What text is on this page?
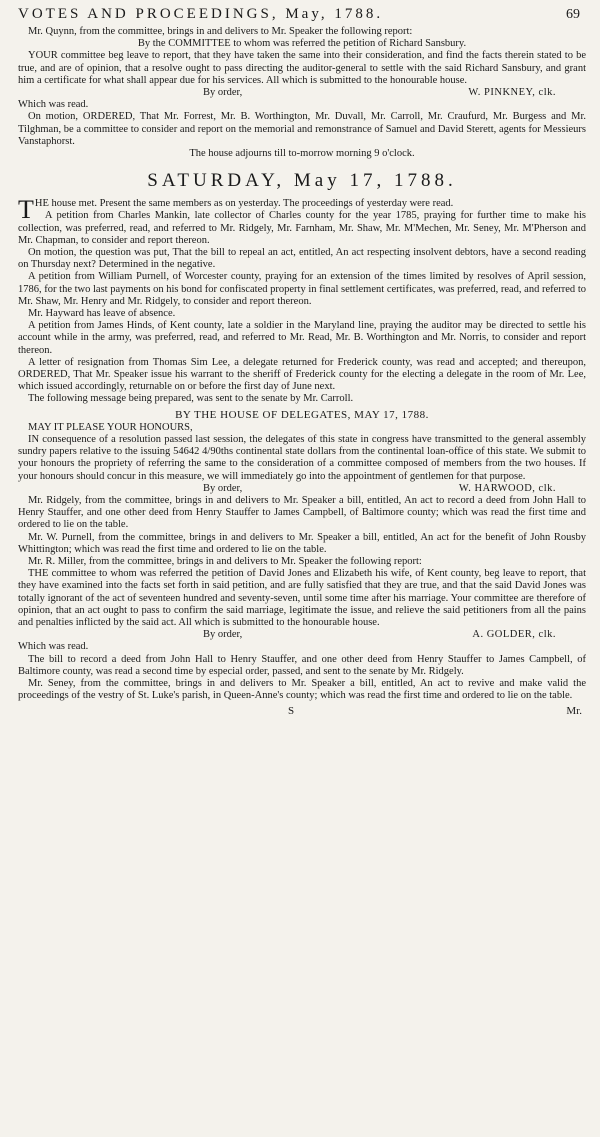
VOTES AND PROCEEDINGS, May, 1788.	69

Mr. Quynn, from the committee, brings in and delivers to Mr. Speaker the following report:

By the COMMITTEE to whom was referred the petition of Richard Sansbury.

YOUR committee beg leave to report, that they have taken the same into their consideration, and find the facts therein stated to be true, and are of opinion, that a resolve ought to pass directing the auditor-general to settle with the said Richard Sansbury, and grant him a certificate for what shall appear due for his services. All which is submitted to the honourable house.

By order,	W. PINKNEY, clk.

Which was read.

On motion, ORDERED, That Mr. Forrest, Mr. B. Worthington, Mr. Duvall, Mr. Carroll, Mr. Craufurd, Mr. Burgess and Mr. Tilghman, be a committee to consider and report on the memorial and remonstrance of Samuel and David Sterett, agents for Messieurs Vanstaphorst.

The house adjourns till to-morrow morning 9 o'clock.

SATURDAY, May 17, 1788.

THE house met. Present the same members as on yesterday. The proceedings of yesterday were read.

A petition from Charles Mankin, late collector of Charles county for the year 1785, praying for further time to make his collection, was preferred, read, and referred to Mr. Ridgely, Mr. Farnham, Mr. Shaw, Mr. M'Mechen, Mr. Seney, Mr. M'Pherson and Mr. Chapman, to consider and report thereon.

On motion, the question was put, That the bill to repeal an act, entitled, An act respecting insolvent debtors, have a second reading on Thursday next? Determined in the negative.

A petition from William Purnell, of Worcester county, praying for an extension of the times limited by resolves of April session, 1786, for the two last payments on his bond for confiscated property in final settlement certificates, was preferred, read, and referred to Mr. Shaw, Mr. Henry and Mr. Ridgely, to consider and report thereon.

Mr. Hayward has leave of absence.

A petition from James Hinds, of Kent county, late a soldier in the Maryland line, praying the auditor may be directed to settle his account while in the army, was preferred, read, and referred to Mr. Read, Mr. B. Worthington and Mr. Norris, to consider and report thereon.

A letter of resignation from Thomas Sim Lee, a delegate returned for Frederick county, was read and accepted; and thereupon, ORDERED, That Mr. Speaker issue his warrant to the sheriff of Frederick county for the electing a delegate in the room of Mr. Lee, which issued accordingly, returnable on or before the first day of June next.

The following message being prepared, was sent to the senate by Mr. Carroll.

BY THE HOUSE OF DELEGATES, MAY 17, 1788.

MAY IT PLEASE YOUR HONOURS,

IN consequence of a resolution passed last session, the delegates of this state in congress have transmitted to the general assembly sundry papers relative to the issuing 54642 4/90ths continental state dollars from the continental loan-office of this state. We submit to your honours the propriety of referring the same to the consideration of a committee composed of members from the two houses. If your honours should concur in this measure, we will immediately go into the appointment of gentlemen for that purpose.

By order,	W. HARWOOD, clk.

Mr. Ridgely, from the committee, brings in and delivers to Mr. Speaker a bill, entitled, An act to record a deed from John Hall to Henry Stauffer, and one other deed from Henry Stauffer to James Campbell, of Baltimore county; which was read the first time and ordered to lie on the table.

Mr. W. Purnell, from the committee, brings in and delivers to Mr. Speaker a bill, entitled, An act for the benefit of John Rousby Whittington; which was read the first time and ordered to lie on the table.

Mr. R. Miller, from the committee, brings in and delivers to Mr. Speaker the following report:

THE committee to whom was referred the petition of David Jones and Elizabeth his wife, of Kent county, beg leave to report, that they have examined into the facts set forth in said petition, and are fully satisfied that they are true, and that the said David Jones was totally ignorant of the act of seventeen hundred and seventy-seven, until some time after his marriage. Your committee are therefore of opinion, that an act ought to pass to confirm the said marriage, legitimate the issue, and relieve the said petitioners from all the pains and penalties inflicted by the said act. All which is submitted to the honourable house.

By order,	A. GOLDER, clk.

Which was read.

The bill to record a deed from John Hall to Henry Stauffer, and one other deed from Henry Stauffer to James Campbell, of Baltimore county, was read a second time by especial order, passed, and sent to the senate by Mr. Ridgely.

Mr. Seney, from the committee, brings in and delivers to Mr. Speaker a bill, entitled, An act to revive and make valid the proceedings of the vestry of St. Luke's parish, in Queen-Anne's county; which was read the first time and ordered to lie on the table.

S	Mr.
